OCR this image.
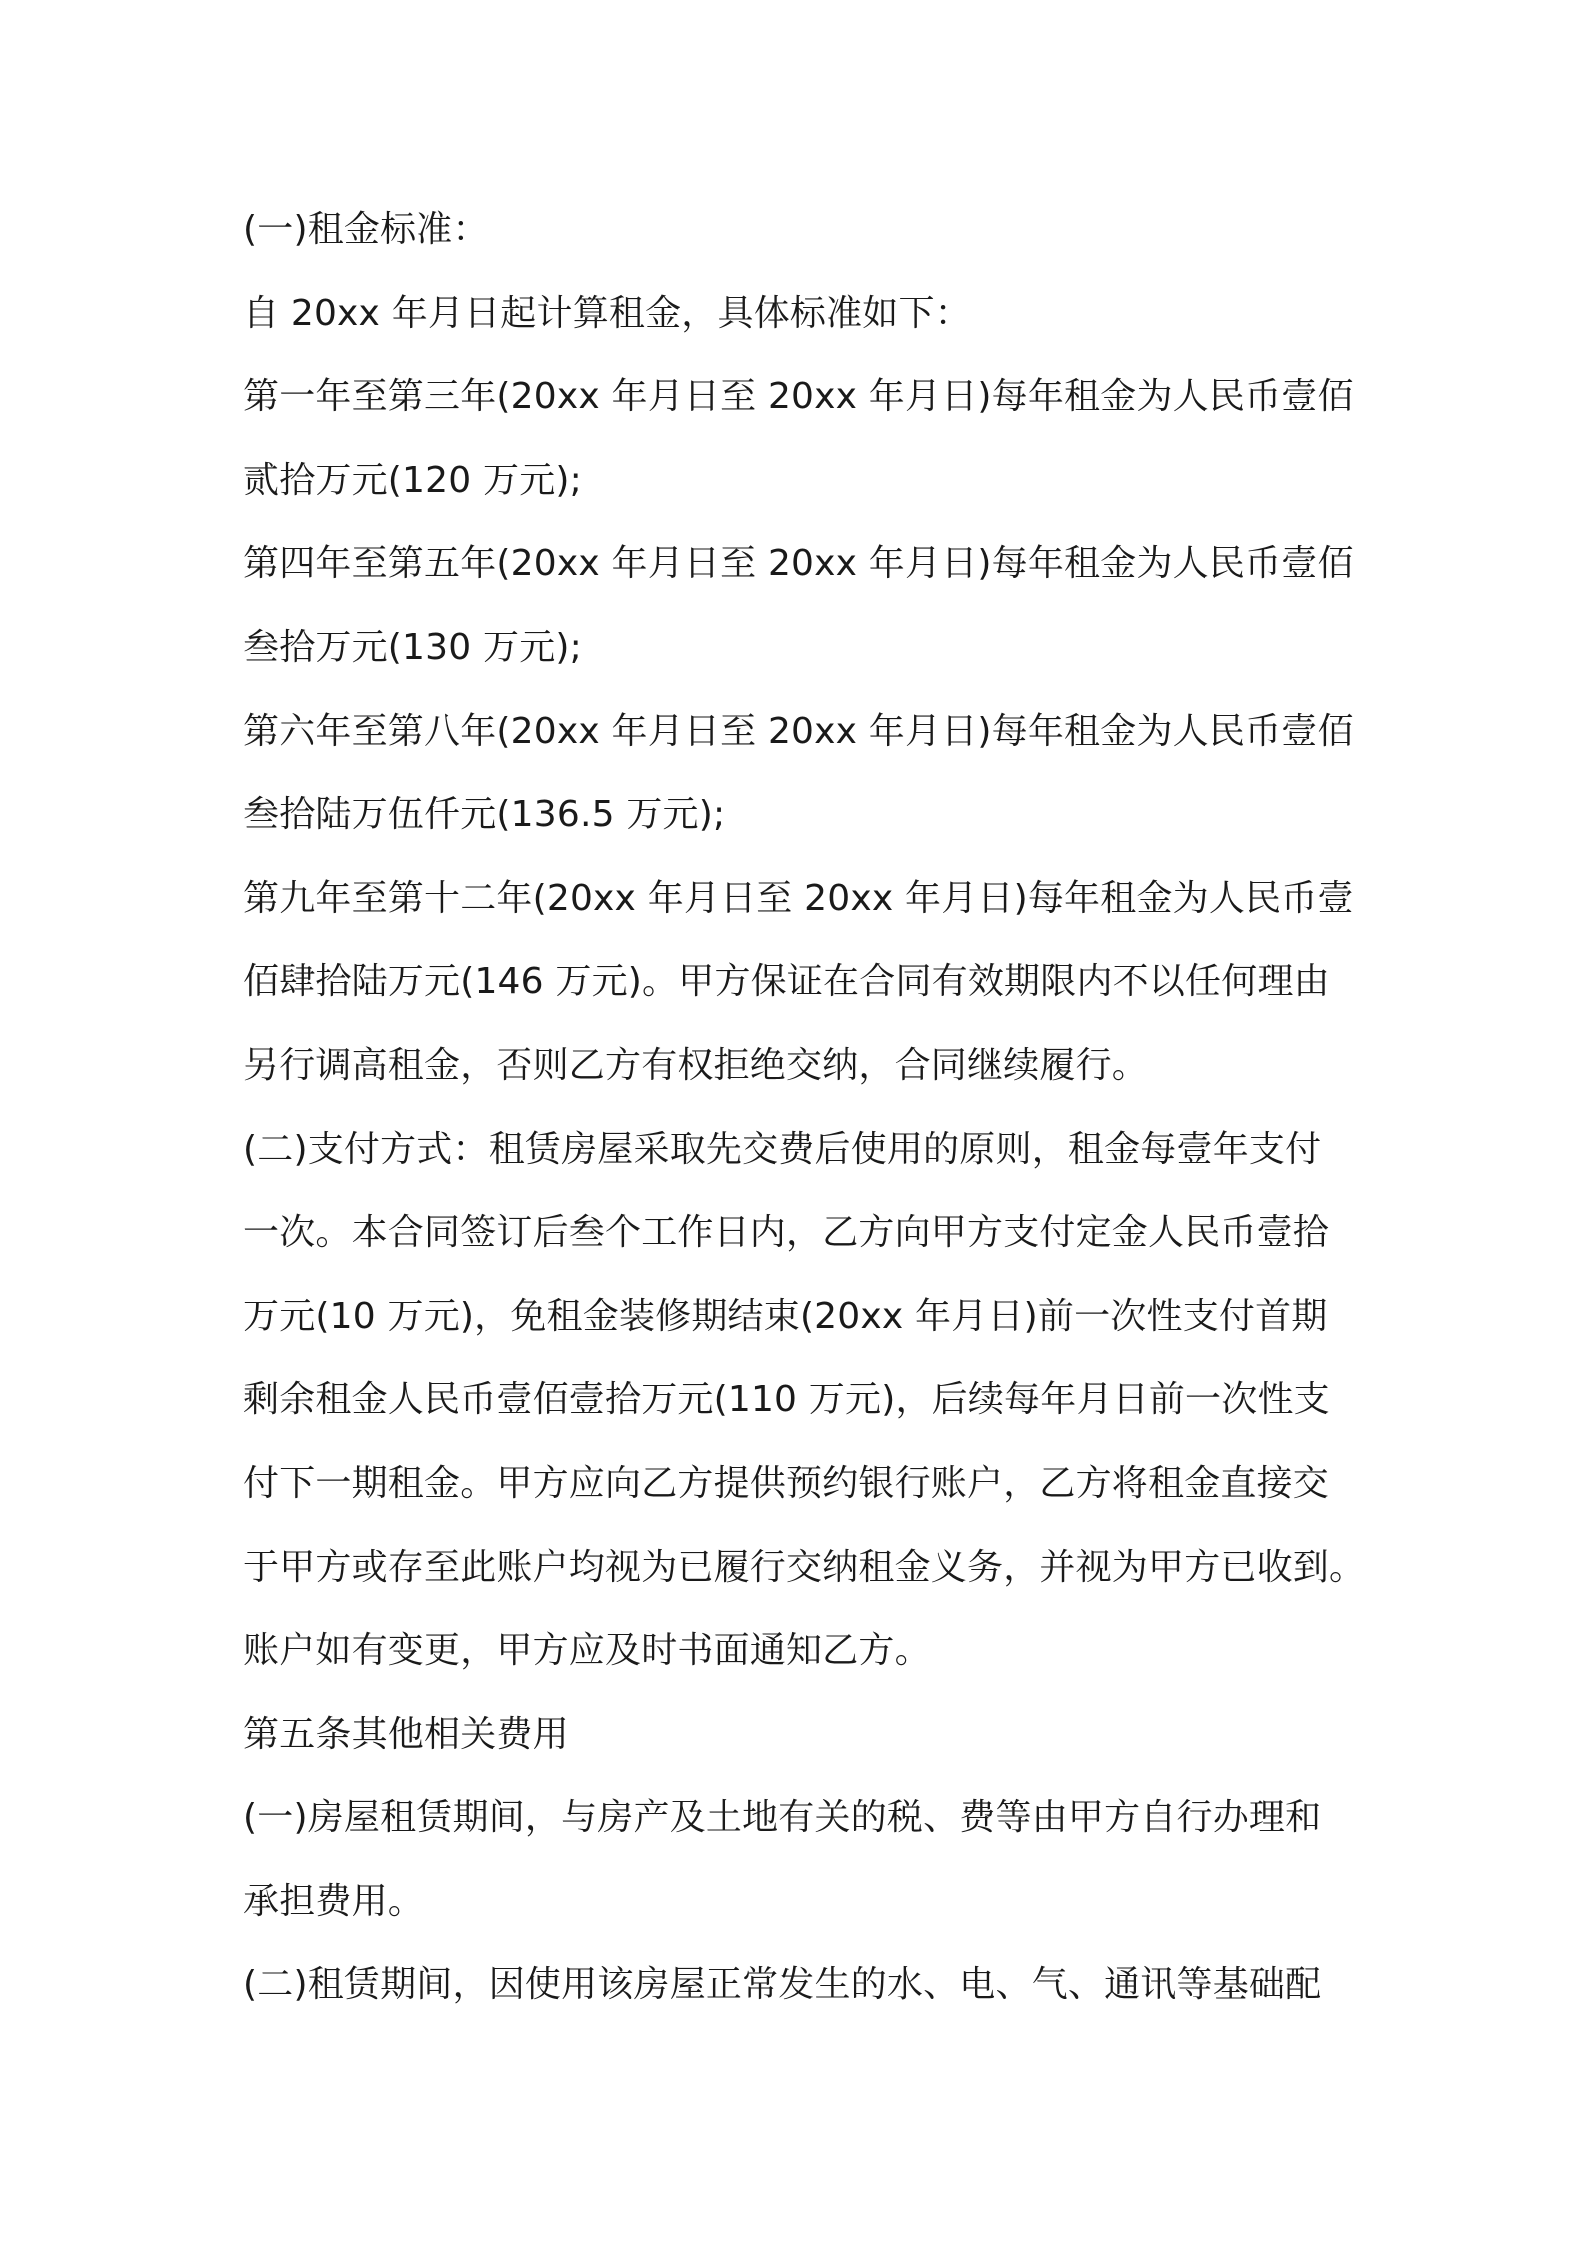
(一)租金标准：
自 20xx 年月日起计算租金，具体标准如下：
第一年至第三年(20xx 年月日至 20xx 年月日)每年租金为人民币壹佰
贰拾万元(120 万元);
第四年至第五年(20xx 年月日至 20xx 年月日)每年租金为人民币壹佰
叁拾万元(130 万元);
第六年至第八年(20xx 年月日至 20xx 年月日)每年租金为人民币壹佰
叁拾陆万伍仟元(136.5 万元);
第九年至第十二年(20xx 年月日至 20xx 年月日)每年租金为人民币壹
佰肆拾陆万元(146 万元)。甲方保证在合同有效期限内不以任何理由
另行调高租金，否则乙方有权拒绝交纳，合同继续履行。
(二)支付方式：租赁房屋采取先交费后使用的原则，租金每壹年支付
一次。本合同签订后叁个工作日内，乙方向甲方支付定金人民币壹拾
万元(10 万元)，免租金装修期结束(20xx 年月日)前一次性支付首期
剩余租金人民币壹佰壹拾万元(110 万元)，后续每年月日前一次性支
付下一期租金。甲方应向乙方提供预约银行账户，乙方将租金直接交
于甲方或存至此账户均视为已履行交纳租金义务，并视为甲方已收到。
账户如有变更，甲方应及时书面通知乙方。
第五条其他相关费用
(一)房屋租赁期间，与房产及土地有关的税、费等由甲方自行办理和
承担费用。
(二)租赁期间，因使用该房屋正常发生的水、电、气、通讯等基础配
